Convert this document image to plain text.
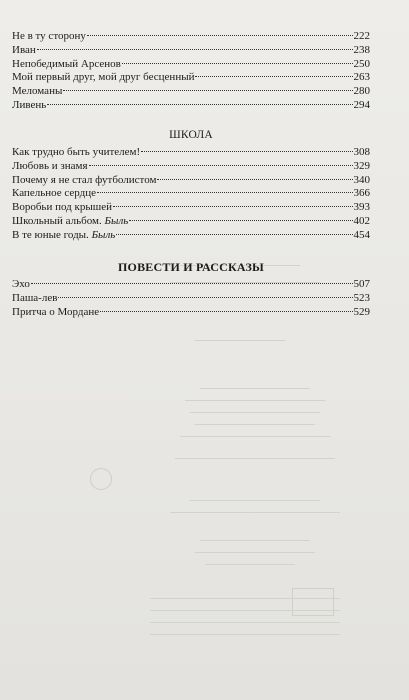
Не в ту сторону	222
Иван	238
Непобедимый Арсенов	250
Мой первый друг, мой друг бесценный	263
Меломаны	280
Ливень	294
ШКОЛА
Как трудно быть учителем!	308
Любовь и знамя	329
Почему я не стал футболистом	340
Капельное сердце	366
Воробьи под крышей	393
Школьный альбом. Быль	402
В те юные годы. Быль	454
ПОВЕСТИ И РАССКАЗЫ
Эхо	507
Паша-лев	523
Притча о Мордане	529
